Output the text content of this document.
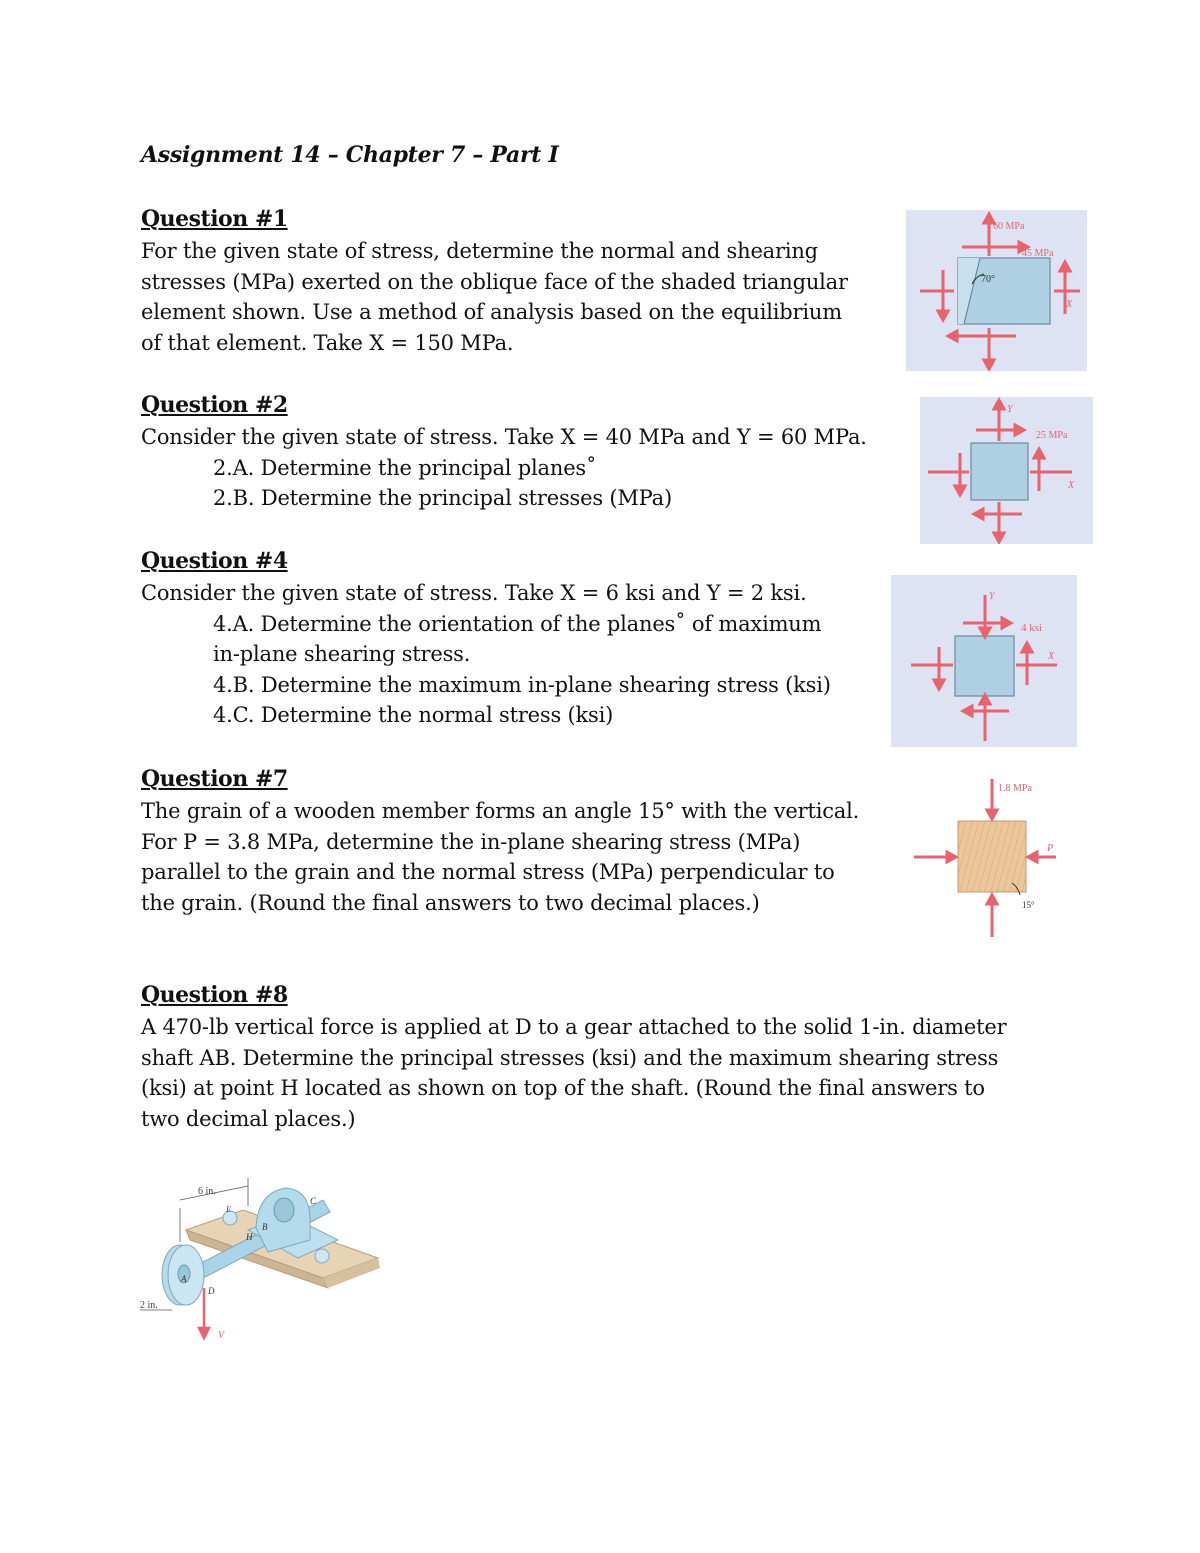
Assignment 14 – Chapter 7 – Part I
Question #1
For the given state of stress, determine the normal and shearing
stresses (MPa) exerted on the oblique face of the shaded triangular
element shown. Use a method of analysis based on the equilibrium
of that element. Take X = 150 MPa.
60 MPa
45 MPa
X
70°
Question #2
Consider the given state of stress. Take X = 40 MPa and Y = 60 MPa.
2.A. Determine the principal planes˚
2.B. Determine the principal stresses (MPa)
Y
25 MPa
X
Question #4
Consider the given state of stress. Take X = 6 ksi and Y = 2 ksi.
4.A. Determine the orientation of the planes˚ of maximum
in-plane shearing stress.
4.B. Determine the maximum in-plane shearing stress (ksi)
4.C. Determine the normal stress (ksi)
Y
4 ksi
X
Question #7
The grain of a wooden member forms an angle 15° with the vertical.
For P = 3.8 MPa, determine the in-plane shearing stress (MPa)
parallel to the grain and the normal stress (MPa) perpendicular to
the grain. (Round the final answers to two decimal places.)
1.8 MPa
P
15°
Question #8
A 470-lb vertical force is applied at D to a gear attached to the solid 1-in. diameter
shaft AB. Determine the principal stresses (ksi) and the maximum shearing stress
(ksi) at point H located as shown on top of the shaft. (Round the final answers to
two decimal places.)
6 in.
2 in.
A
B
C
D
E
H
V
